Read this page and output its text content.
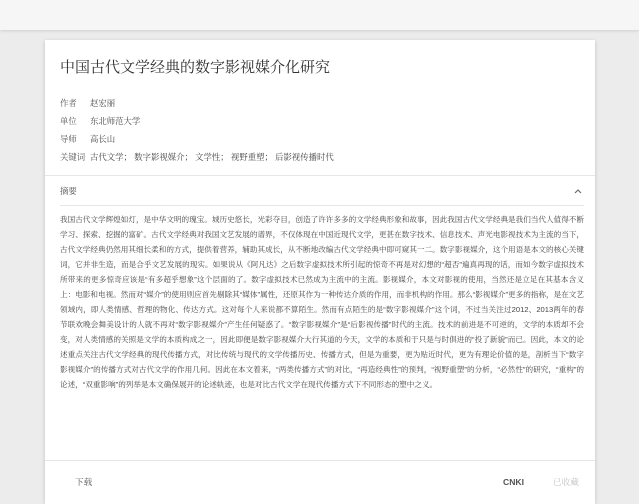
中国古代文学经典的数字影视媒介化研究
作者	赵宏丽
单位	东北师范大学
导师	高长山
关键词 古代文学； 数字影视媒介； 文学性； 视野重塑； 后影视传播时代
摘要
我国古代文学辉煌如灯，是中华文明的瑰宝。城历史悠长，光彩夺目，创造了许许多多的文学经典形象和故事，因此我国古代文学经典是我们当代人值得不断学习、探索、挖掘的富矿。古代文学经典对我国文艺发展的谱界，不仅体现在中国近现代文学，更甚在数字技术、信息技术、声光电影视技术为主流的当下，古代文学经典仍然用其细长柔和的方式，提供着营养，辅助其成长，从不断地改编古代文学经典中即可窥其一二。数字影视媒介，这个用语是本文的核心关键词，它并非生造，而是合乎文艺发展的现实。如果说从《阿凡达》之后数字虚拟技术所引起的惊奇不再是对幻想的“超否”遍真再现的话，而如今数字虚拟技术所带来的更多惊奇应该是“有多超乎想象”这个层面的了。数字虚拟技术已然成为主流中的主流。影视媒介，本文对影视的使用，当然还是立足在其基本含义上：电影和电视。然而对“媒介”的使用则应首先剔除其“媒体”属性，还原其作为一种传达介质的作用，而非机构的作用。那么“影视媒介”更多的指称，是在文艺领域内，即人类情感、哲理的物化、传达方式。这对每个人来说都不算陌生。然而有点陌生的是“数字影视媒介”这个词，不过当关注过2012、2013两年的春节联欢晚会舞美设计的人就不再对“数字影视媒介”产生任何疑惑了。“数字影视媒介”是“后影视传播”时代的主流。技术的前进是不可逆的，文学的本质却不会变，对人类情感的关照是文学的本质构成之一，因此即便是数字影视媒介大行其道的今天，文学的本质和于只是与时俱进的“投了新貌”而已。因此，本文的论述重点关注古代文学经典的现代传播方式，对比传统与现代的文学传播历史、传播方式，但是为重要，更为贴近时代，更为有理论价值的是，剖析当下“数字影视媒介”的传播方式对古代文学的作用几何。因此在本文着来，“两类传播方式”的对比，“再造经典性”的预判，“视野重塑”的分析，“必然性”的研究，“重构”的论述，“双重影响”的列举是本文确保展开的论述轨迹，也是对比古代文学在现代传播方式下不同形态的塑中之义。
下载	CNKI	已收藏
